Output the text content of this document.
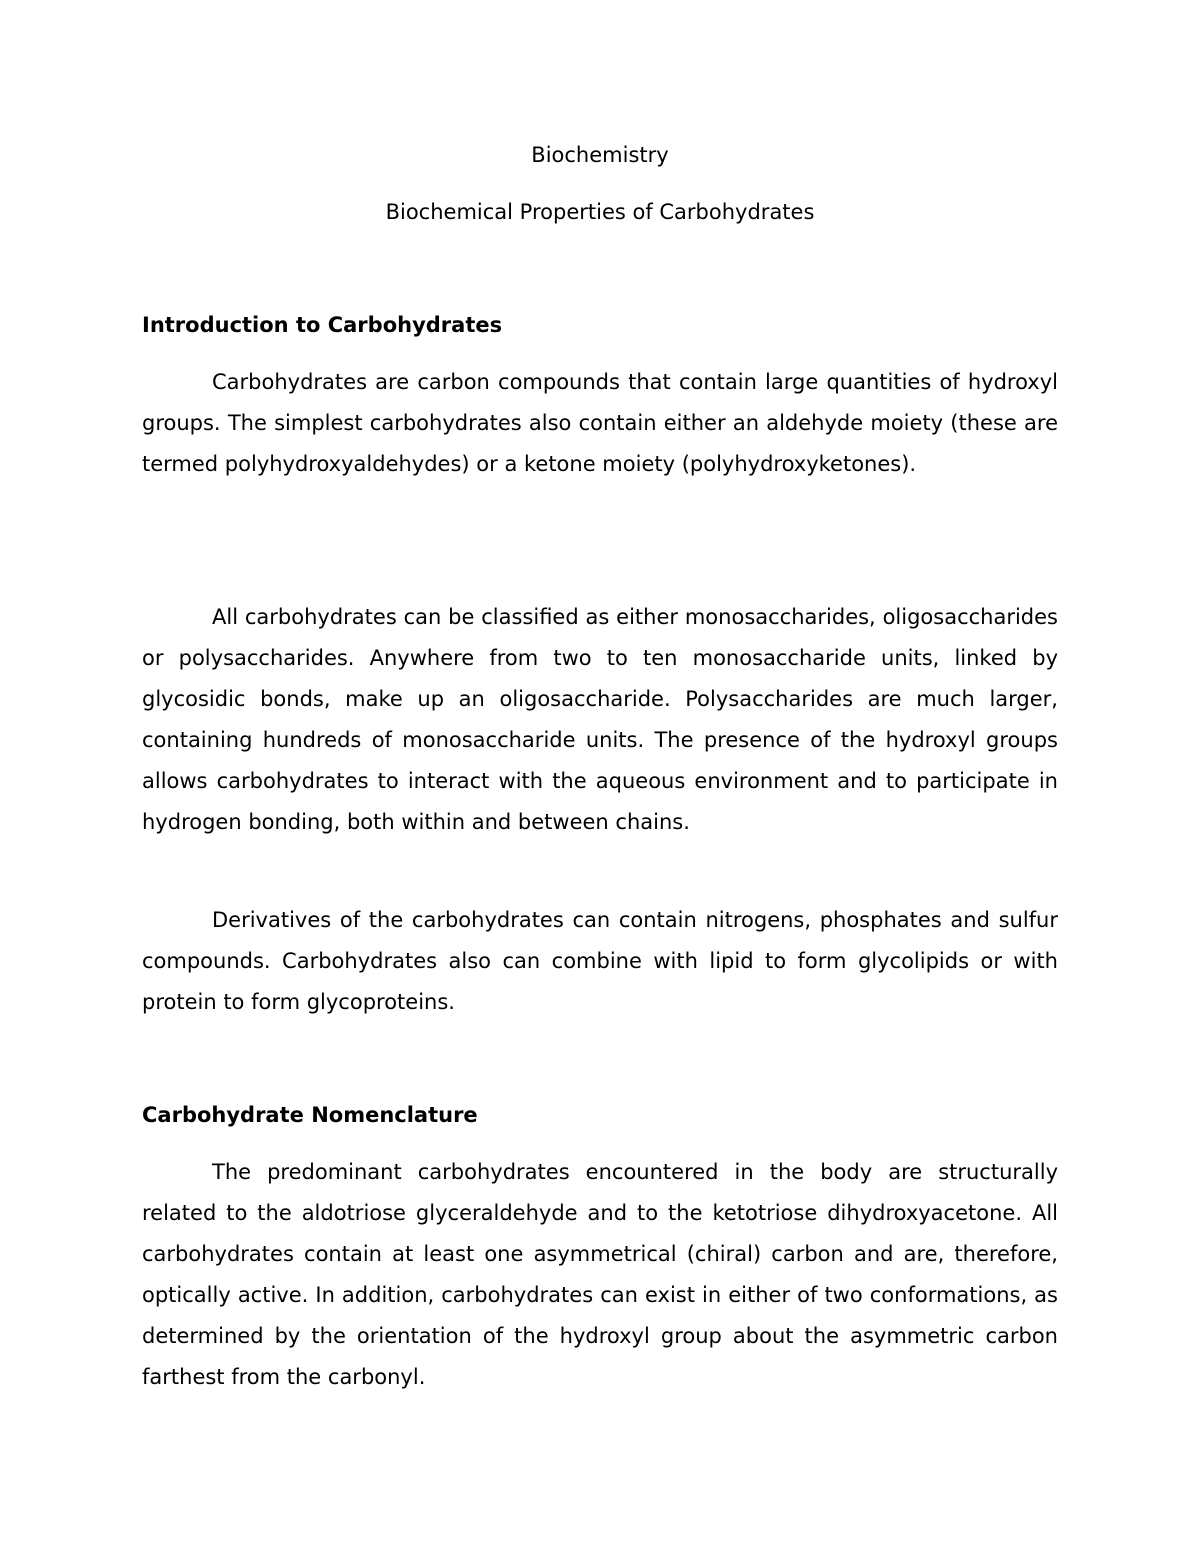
Biochemistry
Biochemical Properties of Carbohydrates
Introduction to Carbohydrates

Carbohydrates are carbon compounds that contain large quantities of hydroxyl groups. The simplest carbohydrates also contain either an aldehyde moiety (these are termed polyhydroxyaldehydes) or a ketone moiety (polyhydroxyketones).

All carbohydrates can be classified as either monosaccharides, oligosaccharides or polysaccharides. Anywhere from two to ten monosaccharide units, linked by glycosidic bonds, make up an oligosaccharide. Polysaccharides are much larger, containing hundreds of monosaccharide units. The presence of the hydroxyl groups allows carbohydrates to interact with the aqueous environment and to participate in hydrogen bonding, both within and between chains.

Derivatives of the carbohydrates can contain nitrogens, phosphates and sulfur compounds. Carbohydrates also can combine with lipid to form glycolipids or with protein to form glycoproteins.

Carbohydrate Nomenclature

The predominant carbohydrates encountered in the body are structurally related to the aldotriose glyceraldehyde and to the ketotriose dihydroxyacetone. All carbohydrates contain at least one asymmetrical (chiral) carbon and are, therefore, optically active. In addition, carbohydrates can exist in either of two conformations, as determined by the orientation of the hydroxyl group about the asymmetric carbon farthest from the carbonyl.
